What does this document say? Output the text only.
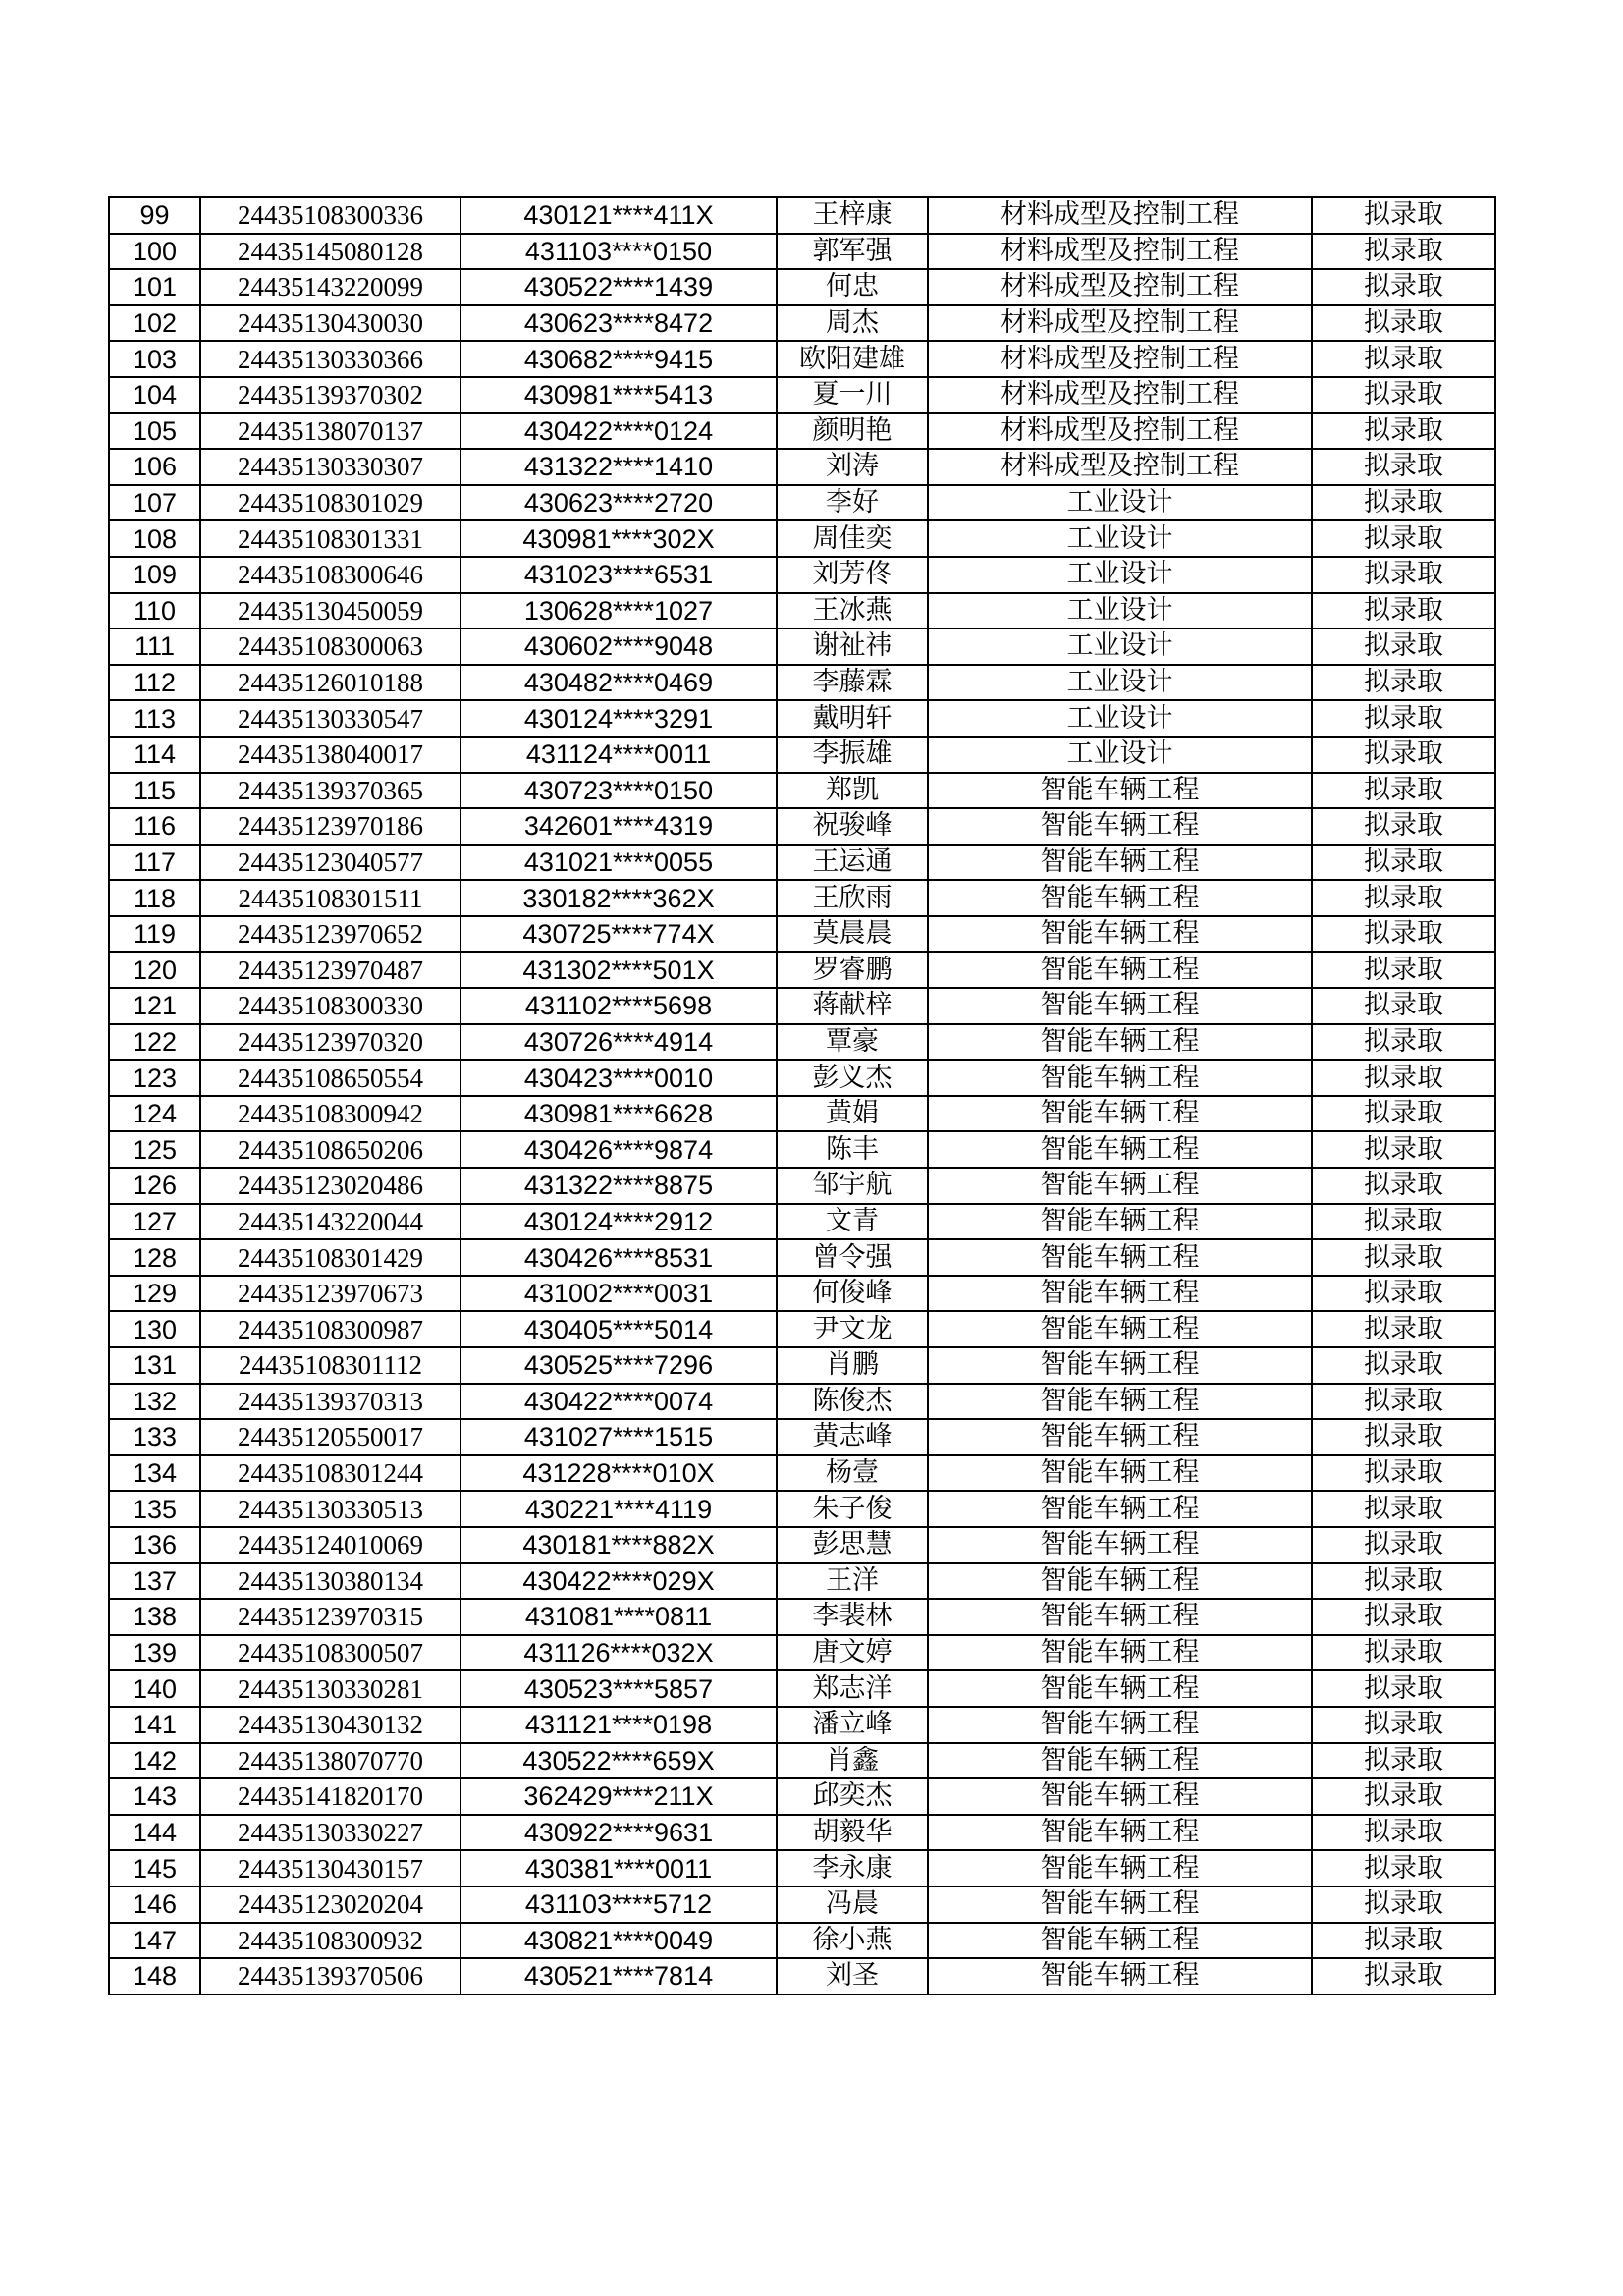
99	24435108300336	430121****411X	王梓康	材料成型及控制工程	拟录取
100	24435145080128	431103****0150	郭军强	材料成型及控制工程	拟录取
101	24435143220099	430522****1439	何忠	材料成型及控制工程	拟录取
102	24435130430030	430623****8472	周杰	材料成型及控制工程	拟录取
103	24435130330366	430682****9415	欧阳建雄	材料成型及控制工程	拟录取
104	24435139370302	430981****5413	夏一川	材料成型及控制工程	拟录取
105	24435138070137	430422****0124	颜明艳	材料成型及控制工程	拟录取
106	24435130330307	431322****1410	刘涛	材料成型及控制工程	拟录取
107	24435108301029	430623****2720	李好	工业设计	拟录取
108	24435108301331	430981****302X	周佳奕	工业设计	拟录取
109	24435108300646	431023****6531	刘芳佟	工业设计	拟录取
110	24435130450059	130628****1027	王冰燕	工业设计	拟录取
111	24435108300063	430602****9048	谢祉祎	工业设计	拟录取
112	24435126010188	430482****0469	李藤霖	工业设计	拟录取
113	24435130330547	430124****3291	戴明轩	工业设计	拟录取
114	24435138040017	431124****0011	李振雄	工业设计	拟录取
115	24435139370365	430723****0150	郑凯	智能车辆工程	拟录取
116	24435123970186	342601****4319	祝骏峰	智能车辆工程	拟录取
117	24435123040577	431021****0055	王运通	智能车辆工程	拟录取
118	24435108301511	330182****362X	王欣雨	智能车辆工程	拟录取
119	24435123970652	430725****774X	莫晨晨	智能车辆工程	拟录取
120	24435123970487	431302****501X	罗睿鹏	智能车辆工程	拟录取
121	24435108300330	431102****5698	蒋献梓	智能车辆工程	拟录取
122	24435123970320	430726****4914	覃豪	智能车辆工程	拟录取
123	24435108650554	430423****0010	彭义杰	智能车辆工程	拟录取
124	24435108300942	430981****6628	黄娟	智能车辆工程	拟录取
125	24435108650206	430426****9874	陈丰	智能车辆工程	拟录取
126	24435123020486	431322****8875	邹宇航	智能车辆工程	拟录取
127	24435143220044	430124****2912	文青	智能车辆工程	拟录取
128	24435108301429	430426****8531	曾令强	智能车辆工程	拟录取
129	24435123970673	431002****0031	何俊峰	智能车辆工程	拟录取
130	24435108300987	430405****5014	尹文龙	智能车辆工程	拟录取
131	24435108301112	430525****7296	肖鹏	智能车辆工程	拟录取
132	24435139370313	430422****0074	陈俊杰	智能车辆工程	拟录取
133	24435120550017	431027****1515	黄志峰	智能车辆工程	拟录取
134	24435108301244	431228****010X	杨壹	智能车辆工程	拟录取
135	24435130330513	430221****4119	朱子俊	智能车辆工程	拟录取
136	24435124010069	430181****882X	彭思慧	智能车辆工程	拟录取
137	24435130380134	430422****029X	王洋	智能车辆工程	拟录取
138	24435123970315	431081****0811	李裴林	智能车辆工程	拟录取
139	24435108300507	431126****032X	唐文婷	智能车辆工程	拟录取
140	24435130330281	430523****5857	郑志洋	智能车辆工程	拟录取
141	24435130430132	431121****0198	潘立峰	智能车辆工程	拟录取
142	24435138070770	430522****659X	肖鑫	智能车辆工程	拟录取
143	24435141820170	362429****211X	邱奕杰	智能车辆工程	拟录取
144	24435130330227	430922****9631	胡毅华	智能车辆工程	拟录取
145	24435130430157	430381****0011	李永康	智能车辆工程	拟录取
146	24435123020204	431103****5712	冯晨	智能车辆工程	拟录取
147	24435108300932	430821****0049	徐小燕	智能车辆工程	拟录取
148	24435139370506	430521****7814	刘圣	智能车辆工程	拟录取
